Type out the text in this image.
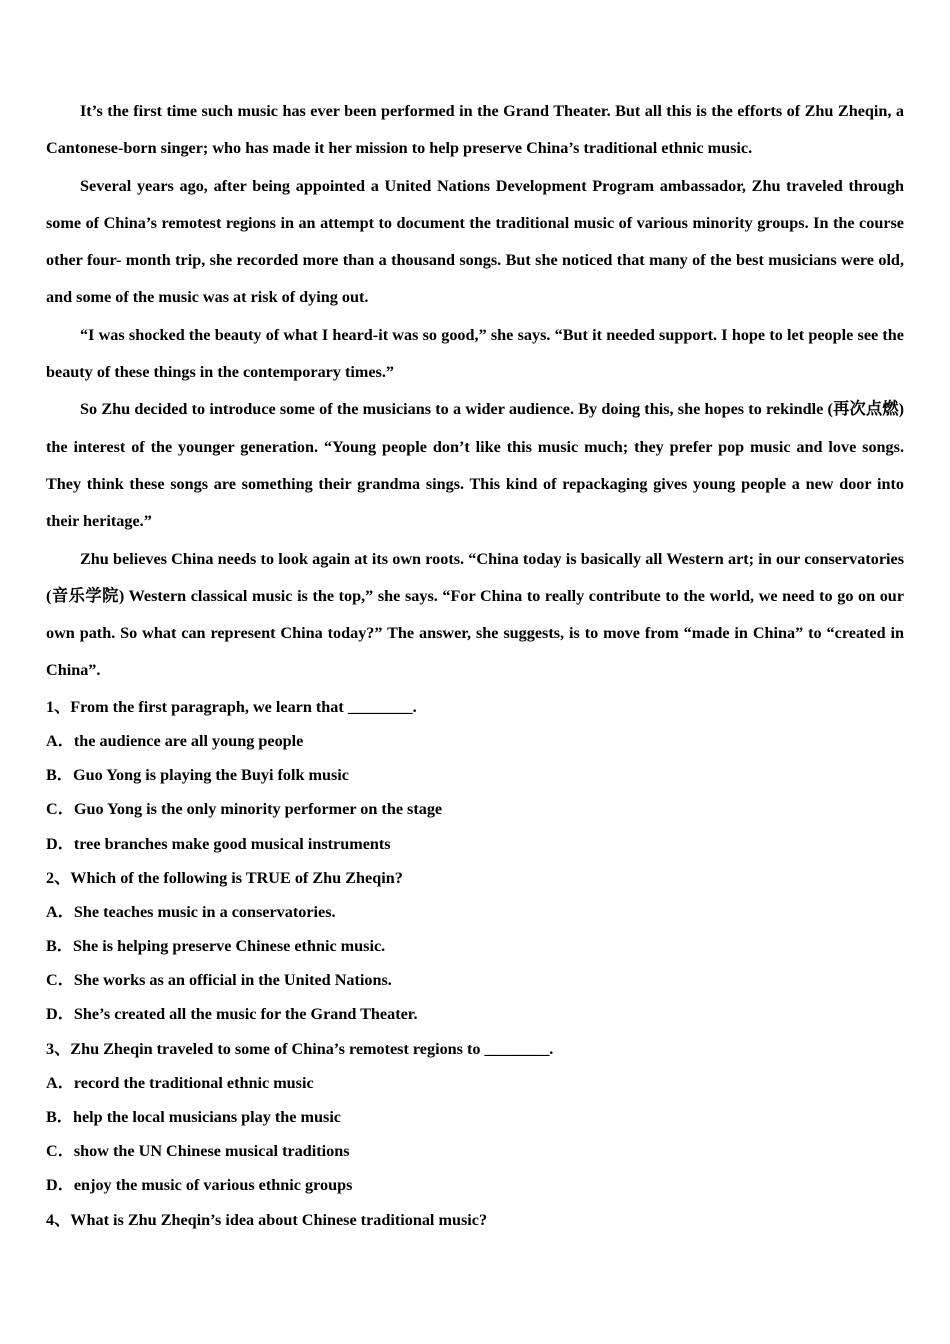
It’s the first time such music has ever been performed in the Grand Theater. But all this is the efforts of Zhu Zheqin, a Cantonese-born singer; who has made it her mission to help preserve China’s traditional ethnic music.

Several years ago, after being appointed a United Nations Development Program ambassador, Zhu traveled through some of China’s remotest regions in an attempt to document the traditional music of various minority groups. In the course other four- month trip, she recorded more than a thousand songs. But she noticed that many of the best musicians were old, and some of the music was at risk of dying out.

“I was shocked the beauty of what I heard-it was so good,” she says. “But it needed support. I hope to let people see the beauty of these things in the contemporary times.”

So Zhu decided to introduce some of the musicians to a wider audience. By doing this, she hopes to rekindle (再次点燃) the interest of the younger generation. “Young people don’t like this music much; they prefer pop music and love songs. They think these songs are something their grandma sings. This kind of repackaging gives young people a new door into their heritage.”

Zhu believes China needs to look again at its own roots. “China today is basically all Western art; in our conservatories (音乐学院) Western classical music is the top,” she says. “For China to really contribute to the world, we need to go on our own path. So what can represent China today?” The answer, she suggests, is to move from “made in China” to “created in China”.

1、From the first paragraph, we learn that ________.

A．the audience are all young people

B．Guo Yong is playing the Buyi folk music

C．Guo Yong is the only minority performer on the stage

D．tree branches make good musical instruments

2、Which of the following is TRUE of Zhu Zheqin?

A．She teaches music in a conservatories.

B．She is helping preserve Chinese ethnic music.

C．She works as an official in the United Nations.

D．She’s created all the music for the Grand Theater.

3、Zhu Zheqin traveled to some of China’s remotest regions to ________.

A．record the traditional ethnic music

B．help the local musicians play the music

C．show the UN Chinese musical traditions

D．enjoy the music of various ethnic groups

4、What is Zhu Zheqin’s idea about Chinese traditional music?
